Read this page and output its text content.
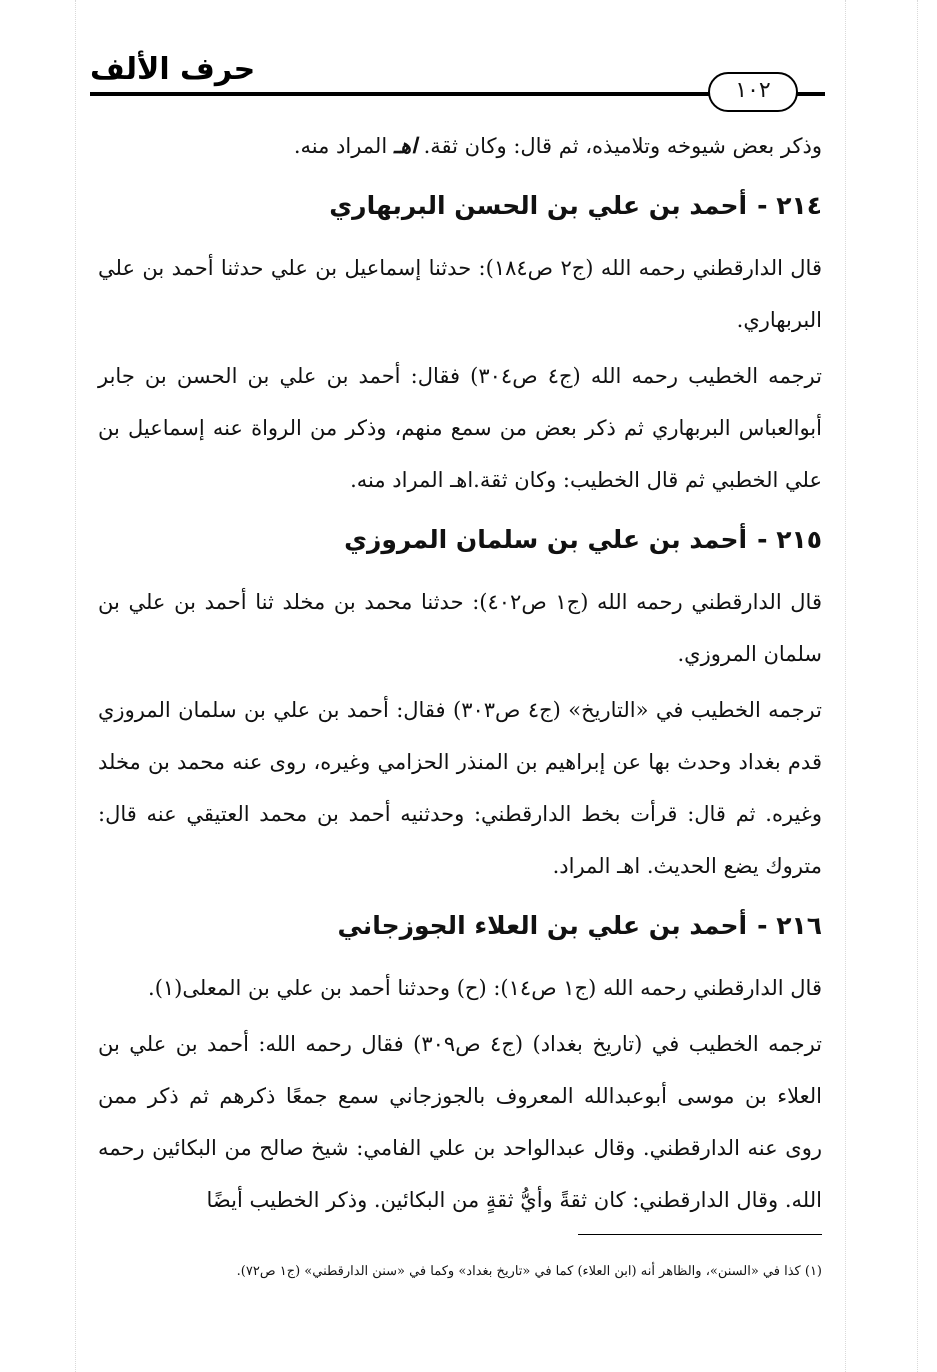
حرف الألف
١٠٢

وذكر بعض شيوخه وتلاميذه، ثم قال: وكان ثقة. اهـ المراد منه.

٢١٤ -أحمد بن علي بن الحسن البربهاري

قال الدارقطني رحمه الله (ج٢ ص١٨٤): حدثنا إسماعيل بن علي حدثنا أحمد بن علي البربهاري.

ترجمه الخطيب رحمه الله (ج٤ ص٣٠٤) فقال: أحمد بن علي بن الحسن بن جابر أبوالعباس البربهاري ثم ذكر بعض من سمع منهم، وذكر من الرواة عنه إسماعيل بن علي الخطبي ثم قال الخطيب: وكان ثقة.اهـ المراد منه.

٢١٥ -أحمد بن علي بن سلمان المروزي

قال الدارقطني رحمه الله (ج١ ص٤٠٢): حدثنا محمد بن مخلد ثنا أحمد بن علي بن سلمان المروزي.

ترجمه الخطيب في «التاريخ» (ج٤ ص٣٠٣) فقال: أحمد بن علي بن سلمان المروزي قدم بغداد وحدث بها عن إبراهيم بن المنذر الحزامي وغيره، روى عنه محمد بن مخلد وغيره. ثم قال: قرأت بخط الدارقطني: وحدثنيه أحمد بن محمد العتيقي عنه قال: متروك يضع الحديث. اهـ المراد.

٢١٦ -أحمد بن علي بن العلاء الجوزجاني

قال الدارقطني رحمه الله (ج١ ص١٤): (ح) وحدثنا أحمد بن علي بن المعلى(١).

ترجمه الخطيب في (تاريخ بغداد) (ج٤ ص٣٠٩) فقال رحمه الله: أحمد بن علي بن العلاء بن موسى أبوعبدالله المعروف بالجوزجاني سمع جمعًا ذكرهم ثم ذكر ممن روى عنه الدارقطني. وقال عبدالواحد بن علي الفامي: شيخ صالح من البكائين رحمه الله. وقال الدارقطني: كان ثقةً وأيُّ ثقةٍ من البكائين. وذكر الخطيب أيضًا

(١) كذا في «السنن»، والظاهر أنه (ابن العلاء) كما في «تاريخ بغداد» وكما في «سنن الدارقطني» (ج١ ص٧٢).
